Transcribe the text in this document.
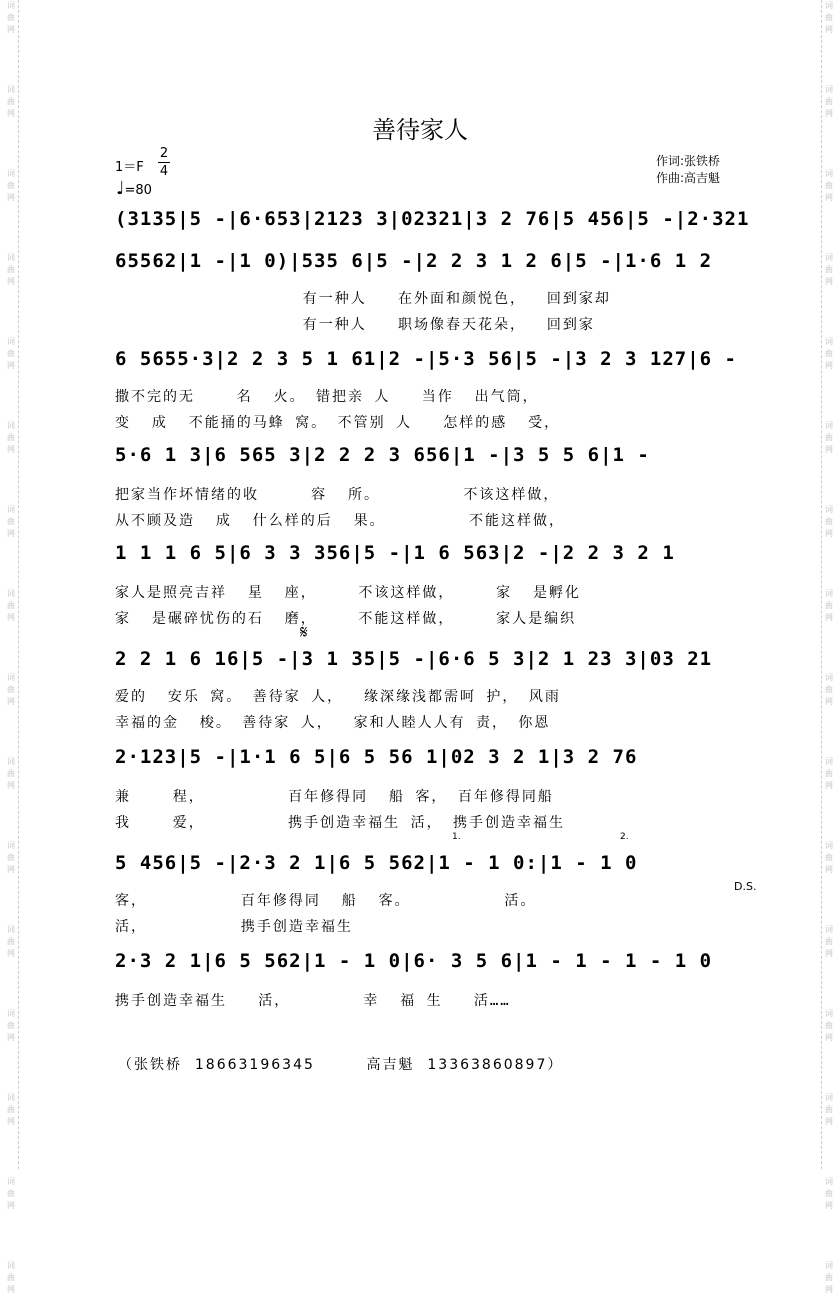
词曲网
词曲网
词曲网
词曲网
词曲网
词曲网
词曲网
词曲网
词曲网
词曲网
词曲网
词曲网
词曲网
词曲网
词曲网
词曲网
词曲网
词曲网
词曲网
词曲网
词曲网
词曲网
词曲网
词曲网
词曲网
词曲网
词曲网
词曲网
词曲网
词曲网
词曲网
词曲网
善待家人
1＝F
2
4
♩=80
作词:张铁桥
作曲:高吉魁
(3135|5 -|6·653|2123 3|02321|3 2 76|5 456|5 -|2·321
65562|1 -|1 0)|535 6|5 -|2 2 3 1 2 6|5 -|1·6 1 2
有一种人   在外面和颜悦色，  回到家却
有一种人   职场像春天花朵，  回到家
6 5655·3|2 2 3 5 1 61|2 -|5·3 56|5 -|3 2 3 127|6 -
撒不完的无    名  火。 错把亲 人   当作  出气筒，
变  成  不能捅的马蜂 窝。 不管别 人   怎样的感  受，
5·6 1 3|6 565 3|2 2 2 3 656|1 -|3 5 5 6|1 -
把家当作坏情绪的收     容  所。        不该这样做，
从不顾及造  成  什么样的后  果。        不能这样做，
1 1 1 6 5|6 3 3 356|5 -|1 6 563|2 -|2 2 3 2 1
家人是照亮吉祥  星  座，    不该这样做，    家  是孵化
家  是碾碎忧伤的石  磨，    不能这样做，    家人是编织
𝄋
2 2 1 6 16|5 -|3 1 35|5 -|6·6 5 3|2 1 23 3|03 21
爱的  安乐 窝。 善待家 人，  缘深缘浅都需呵 护， 风雨
幸福的金  梭。 善待家 人，  家和人睦人人有 责， 你恩
2·123|5 -|1·1 6 5|6 5 56 1|02 3 2 1|3 2 76
兼    程，        百年修得同  船 客， 百年修得同船
我    爱，        携手创造幸福生 活， 携手创造幸福生
1.	2.
5 456|5 -|2·3 2 1|6 5 562|1 - 1 0:|1 - 1 0
D.S.
客，         百年修得同  船  客。         活。
活，         携手创造幸福生
2·3 2 1|6 5 562|1 - 1 0|6· 3 5 6|1 - 1 - 1 - 1 0
携手创造幸福生   活，       幸  福 生   活……
（张铁桥  18663196345        高吉魁  13363860897）
